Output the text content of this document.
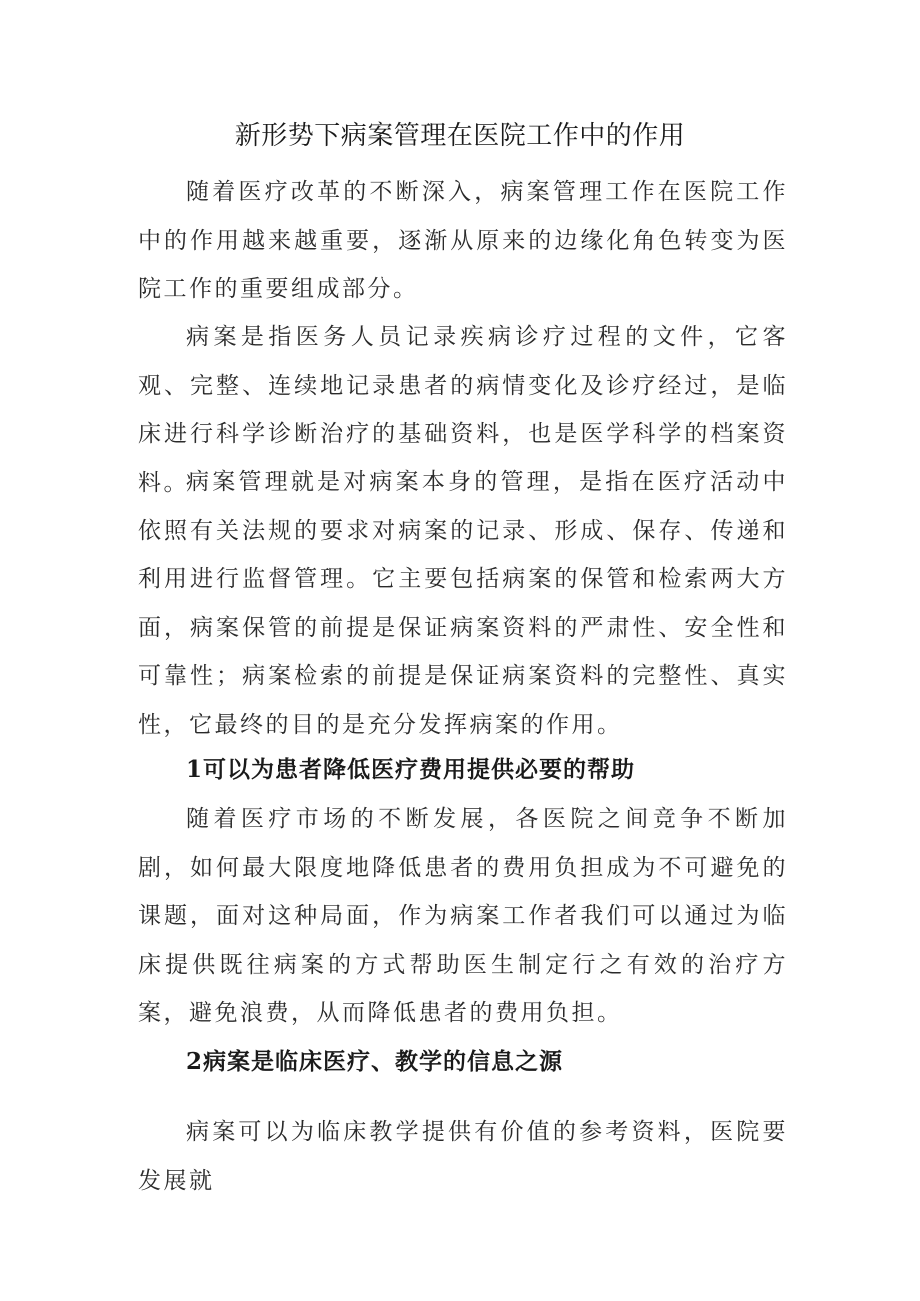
新形势下病案管理在医院工作中的作用

随着医疗改革的不断深入，病案管理工作在医院工作中的作用越来越重要，逐渐从原来的边缘化角色转变为医院工作的重要组成部分。

病案是指医务人员记录疾病诊疗过程的文件，它客观、完整、连续地记录患者的病情变化及诊疗经过，是临床进行科学诊断治疗的基础资料，也是医学科学的档案资料。

病案管理就是对病案本身的管理，是指在医疗活动中依照有关法规的要求对病案的记录、形成、保存、传递和利用进行监督管理。它主要包括病案的保管和检索两大方面，病案保管的前提是保证病案资料的严肃性、安全性和可靠性；病案检索的前提是保证病案资料的完整性、真实性，它最终的目的是充分发挥病案的作用。

1可以为患者降低医疗费用提供必要的帮助

随着医疗市场的不断发展，各医院之间竞争不断加剧，如何最大限度地降低患者的费用负担成为不可避免的课题，面对这种局面，作为病案工作者我们可以通过为临床提供既往病案的方式帮助医生制定行之有效的治疗方案，避免浪费，从而降低患者的费用负担。

2病案是临床医疗、教学的信息之源

病案可以为临床教学提供有价值的参考资料，医院要发展就
